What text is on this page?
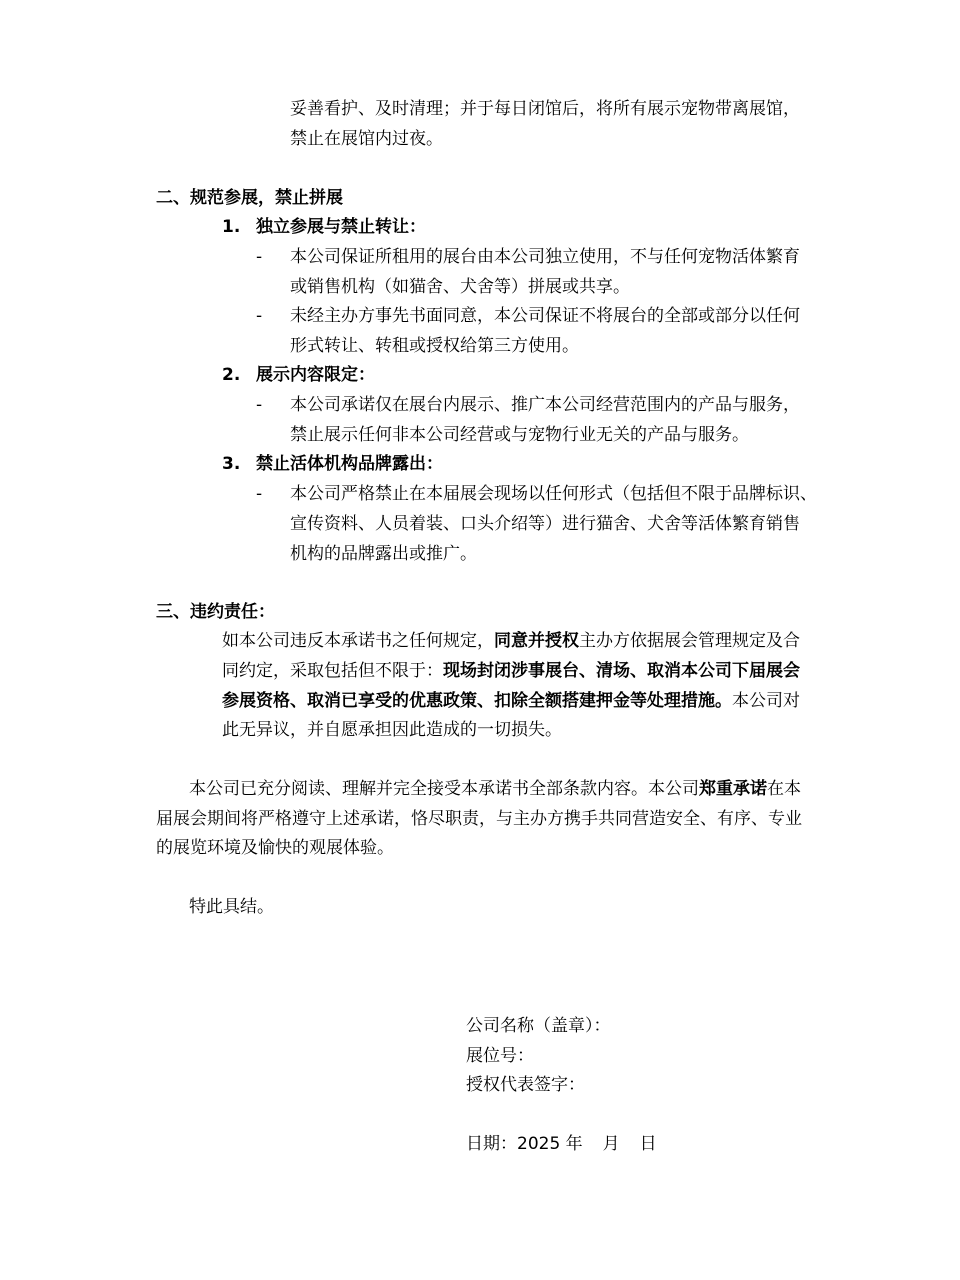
妥善看护、及时清理；并于每日闭馆后，将所有展示宠物带离展馆，
禁止在展馆内过夜。
二、规范参展，禁止拼展
1. 独立参展与禁止转让：
- 本公司保证所租用的展台由本公司独立使用，不与任何宠物活体繁育
或销售机构（如猫舍、犬舍等）拼展或共享。
- 未经主办方事先书面同意，本公司保证不将展台的全部或部分以任何
形式转让、转租或授权给第三方使用。
2. 展示内容限定：
- 本公司承诺仅在展台内展示、推广本公司经营范围内的产品与服务，
禁止展示任何非本公司经营或与宠物行业无关的产品与服务。
3. 禁止活体机构品牌露出：
- 本公司严格禁止在本届展会现场以任何形式（包括但不限于品牌标识、
宣传资料、人员着装、口头介绍等）进行猫舍、犬舍等活体繁育销售
机构的品牌露出或推广。
三、违约责任：
如本公司违反本承诺书之任何规定，同意并授权主办方依据展会管理规定及合
同约定，采取包括但不限于：现场封闭涉事展台、清场、取消本公司下届展会
参展资格、取消已享受的优惠政策、扣除全额搭建押金等处理措施。本公司对
此无异议，并自愿承担因此造成的一切损失。
本公司已充分阅读、理解并完全接受本承诺书全部条款内容。本公司郑重承诺在本
届展会期间将严格遵守上述承诺，恪尽职责，与主办方携手共同营造安全、有序、专业
的展览环境及愉快的观展体验。
特此具结。
公司名称（盖章）：
展位号：
授权代表签字：
日期：2025 年 月 日
